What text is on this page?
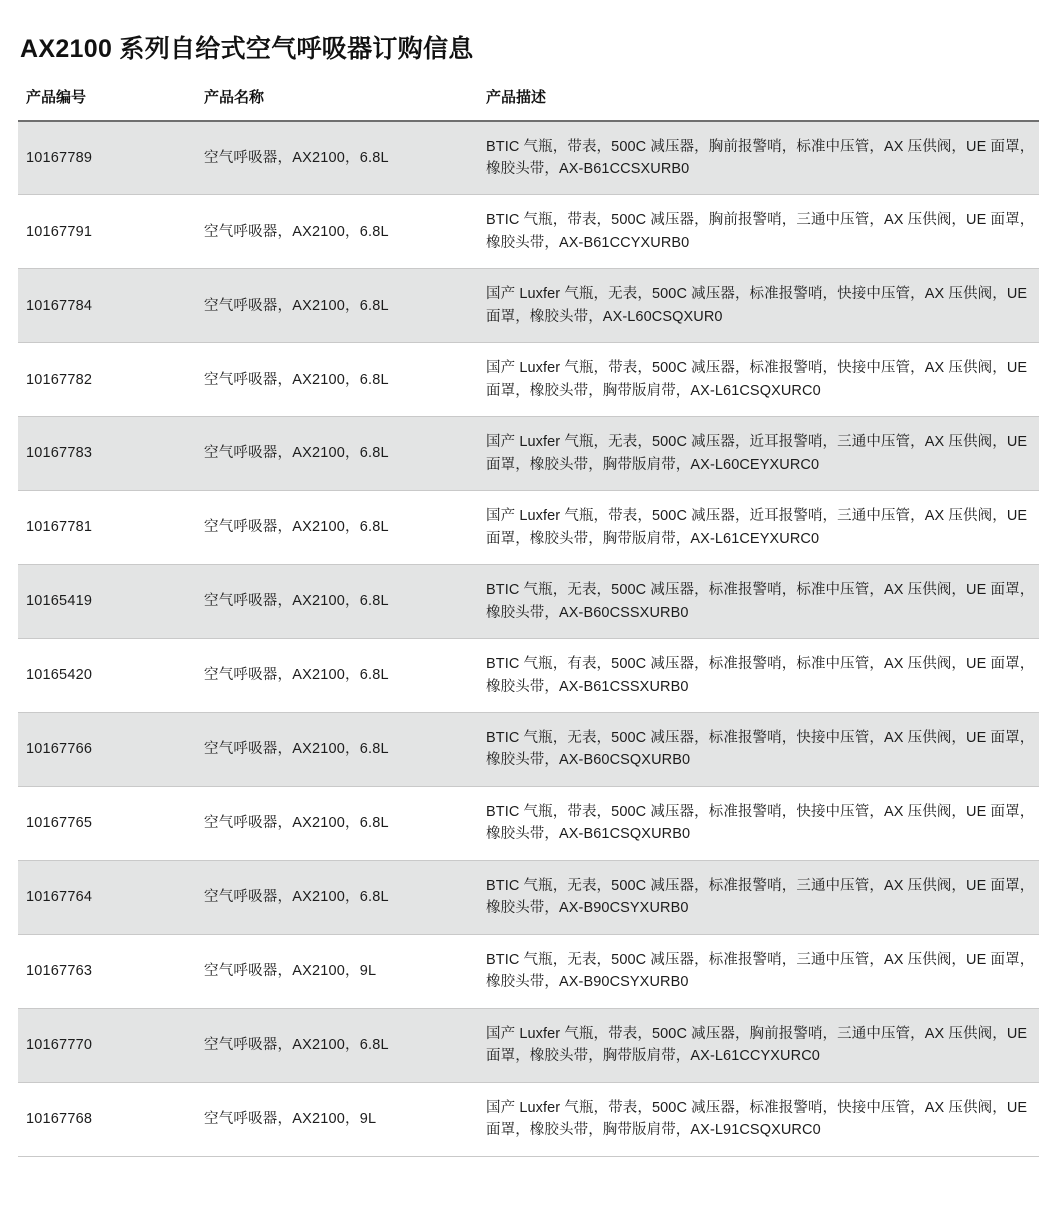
AX2100 系列自给式空气呼吸器订购信息
产品编号	产品名称	产品描述
10167789	空气呼吸器，AX2100，6.8L	BTIC 气瓶，带表，500C 减压器，胸前报警哨，标准中压管，AX 压供阀，UE 面罩，橡胶头带，AX-B61CCSXURB0
10167791	空气呼吸器，AX2100，6.8L	BTIC 气瓶，带表，500C 减压器，胸前报警哨，三通中压管，AX 压供阀，UE 面罩，橡胶头带，AX-B61CCYXURB0
10167784	空气呼吸器，AX2100，6.8L	国产 Luxfer 气瓶，无表，500C 减压器，标准报警哨，快接中压管，AX 压供阀，UE 面罩，橡胶头带，AX-L60CSQXUR0
10167782	空气呼吸器，AX2100，6.8L	国产 Luxfer 气瓶，带表，500C 减压器，标准报警哨，快接中压管，AX 压供阀，UE 面罩，橡胶头带，胸带版肩带，AX-L61CSQXURC0
10167783	空气呼吸器，AX2100，6.8L	国产 Luxfer 气瓶，无表，500C 减压器，近耳报警哨，三通中压管，AX 压供阀，UE 面罩，橡胶头带，胸带版肩带，AX-L60CEYXURC0
10167781	空气呼吸器，AX2100，6.8L	国产 Luxfer 气瓶，带表，500C 减压器，近耳报警哨，三通中压管，AX 压供阀，UE 面罩，橡胶头带，胸带版肩带，AX-L61CEYXURC0
10165419	空气呼吸器，AX2100，6.8L	BTIC 气瓶，无表，500C 减压器，标准报警哨，标准中压管，AX 压供阀，UE 面罩，橡胶头带，AX-B60CSSXURB0
10165420	空气呼吸器，AX2100，6.8L	BTIC 气瓶，有表，500C 减压器，标准报警哨，标准中压管，AX 压供阀，UE 面罩，橡胶头带，AX-B61CSSXURB0
10167766	空气呼吸器，AX2100，6.8L	BTIC 气瓶，无表，500C 减压器，标准报警哨，快接中压管，AX 压供阀，UE 面罩，橡胶头带，AX-B60CSQXURB0
10167765	空气呼吸器，AX2100，6.8L	BTIC 气瓶，带表，500C 减压器，标准报警哨，快接中压管，AX 压供阀，UE 面罩，橡胶头带，AX-B61CSQXURB0
10167764	空气呼吸器，AX2100，6.8L	BTIC 气瓶，无表，500C 减压器，标准报警哨，三通中压管，AX 压供阀，UE 面罩，橡胶头带，AX-B90CSYXURB0
10167763	空气呼吸器，AX2100，9L	BTIC 气瓶，无表，500C 减压器，标准报警哨，三通中压管，AX 压供阀，UE 面罩，橡胶头带，AX-B90CSYXURB0
10167770	空气呼吸器，AX2100，6.8L	国产 Luxfer 气瓶，带表，500C 减压器，胸前报警哨，三通中压管，AX 压供阀，UE 面罩，橡胶头带，胸带版肩带，AX-L61CCYXURC0
10167768	空气呼吸器，AX2100，9L	国产 Luxfer 气瓶，带表，500C 减压器，标准报警哨，快接中压管，AX 压供阀，UE 面罩，橡胶头带，胸带版肩带，AX-L91CSQXURC0
